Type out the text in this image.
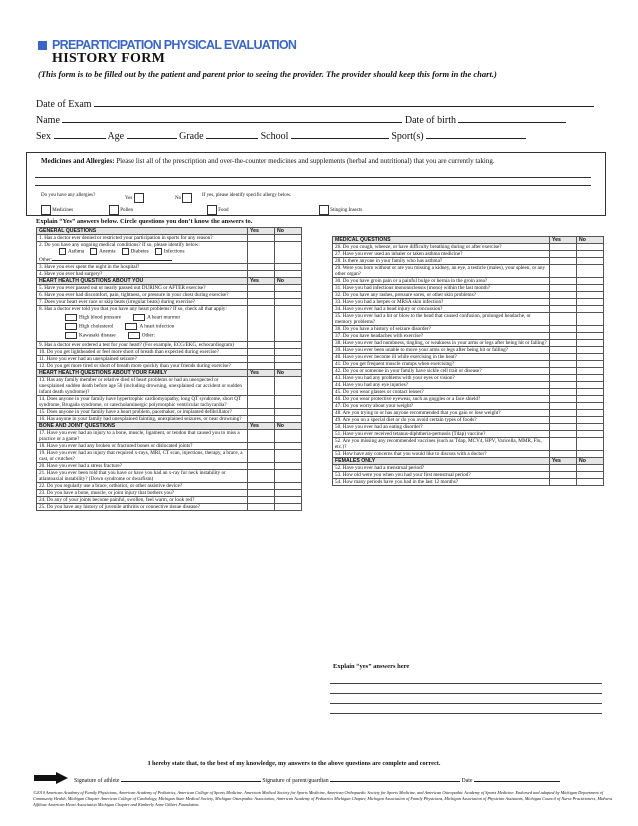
PREPARTICIPATION PHYSICAL EVALUATION
HISTORY FORM
(This form is to be filled out by the patient and parent prior to seeing the provider. The provider should keep this form in the chart.)
Date of Exam
Name	Date of birth
Sex	Age	Grade	School	Sport(s)
Medicines and Allergies: Please list all of the prescription and over-the-counter medicines and supplements (herbal and nutritional) that you are currently taking.
Do you have any allergies?
Yes	No
If yes, please identify specific allergy below.
Medicines	Pollen	Food	Stinging Insects
Explain “Yes” answers below. Circle questions you don’t know the answers to.
GENERAL QUESTIONS	Yes	No

1. Has a doctor ever denied or restricted your participation in sports for any reason?		

2. Do you have any ongoing medical conditions? If so, please identify below:
Asthma Anemia Diabetes Infections
Other:		

3. Have you ever spent the night in the hospital?		

4. Have you ever had surgery?		

HEART HEALTH QUESTIONS ABOUT YOU	Yes	No

5. Have you ever passed out or nearly passed out DURING or AFTER exercise?		

6. Have you ever had discomfort, pain, tightness, or pressure in your chest during exercise?		

7. Does your heart ever race or skip beats (irregular beats) during exercise?		

8. Has a doctor ever told you that you have any heart problems? If so, check all that apply:
High blood pressure A heart murmur
High cholesterol A heart infection
Kawasaki disease Other:		

9. Has a doctor ever ordered a test for your heart? (For example, ECG/EKG, echocardiogram)		

10. Do you get lightheaded or feel more short of breath than expected during exercise?		

11. Have you ever had an unexplained seizure?		

12. Do you get more tired or short of breath more quickly than your friends during exercise?		

HEART HEALTH QUESTIONS ABOUT YOUR FAMILY	Yes	No

13. Has any family member or relative died of heart problems or had an unexpected or unexplained sudden death before age 50 (including drowning, unexplained car accident or sudden infant death syndrome)?		

14. Does anyone in your family have hypertrophic cardiomyopathy, long QT syndrome, short QT syndrome, Brugada syndrome, or catecholaminergic polymorphic ventricular tachycardia?		

15. Does anyone in your family have a heart problem, pacemaker, or implanted defibrillator?		

16. Has anyone in your family had unexplained fainting, unexplained seizures, or near drowning?		

BONE AND JOINT QUESTIONS	Yes	No

17. Have you ever had an injury to a bone, muscle, ligament, or tendon that caused you to miss a practice or a game?		

18. Have you ever had any broken or fractured bones or dislocated joints?		

19. Have you ever had an injury that required x-rays, MRI, CT scan, injections, therapy, a brace, a cast, or crutches?		

20. Have you ever had a stress fracture?		

21. Have you ever been told that you have or have you had an x-ray for neck instability or atlantoaxial instability? (Down syndrome or dwarfism)		

22. Do you regularly use a brace, orthotics, or other assistive device?		

23. Do you have a bone, muscle, or joint injury that bothers you?		

24. Do any of your joints become painful, swollen, feel warm, or look red?		

25. Do you have any history of juvenile arthritis or connective tissue disease?		

MEDICAL QUESTIONS	Yes	No

26. Do you cough, wheeze, or have difficulty breathing during or after exercise?		

27. Have you ever used an inhaler or taken asthma medicine?		

28. Is there anyone in your family who has asthma?		

29. Were you born without or are you missing a kidney, an eye, a testicle (males), your spleen, or any other organ?		

30. Do you have groin pain or a painful bulge or hernia in the groin area?		

31. Have you had infectious mononucleosis (mono) within the last month?		

32. Do you have any rashes, pressure sores, or other skin problems?		

33. Have you had a herpes or MRSA skin infection?		

34. Have you ever had a head injury or concussion?		

35. Have you ever had a hit or blow to the head that caused confusion, prolonged headache, or memory problems?		

36. Do you have a history of seizure disorder?		

37. Do you have headaches with exercise?		

38. Have you ever had numbness, tingling, or weakness in your arms or legs after being hit or falling?		

39. Have you ever been unable to move your arms or legs after being hit or falling?		

40. Have you ever become ill while exercising in the heat?		

41. Do you get frequent muscle cramps when exercising?		

42. Do you or someone in your family have sickle cell trait or disease?		

43. Have you had any problems with your eyes or vision?		

44. Have you had any eye injuries?		

45. Do you wear glasses or contact lenses?		

46. Do you wear protective eyewear, such as goggles or a face shield?		

47. Do you worry about your weight?		

48. Are you trying to or has anyone recommended that you gain or lose weight?		

49. Are you on a special diet or do you avoid certain types of foods?		

50. Have you ever had an eating disorder?		

51. Have you ever received tetanus-diphtheria-pertussis (Tdap) vaccine?		

52. Are you missing any recommended vaccines (such as Tdap, MCV4, HPV, Varicella, MMR, Flu, etc.)?		

53. How have any concerns that you would like to discuss with a doctor?		

FEMALES ONLY	Yes	No

52. Have you ever had a menstrual period?		

53. How old were you when you had your first menstrual period?		

54. How many periods have you had in the last 12 months?		

Explain “yes” answers here
I hereby state that, to the best of my knowledge, my answers to the above questions are complete and correct.
Signature of athlete	Signature of parent/guardian	Date
©2010 American Academy of Family Physicians, American Academy of Pediatrics, American College of Sports Medicine, American Medical Society for Sports Medicine, American Orthopaedic Society for Sports Medicine, and American Osteopathic Academy of Sports Medicine. Endorsed and adapted by Michigan Department of Community Health, Michigan Chapter American College of Cardiology, Michigan State Medical Society, Michigan Osteopathic Association, American Academy of Pediatrics Michigan Chapter, Michigan Association of Family Physicians, Michigan Association of Physician Assistants, Michigan Council of Nurse Practitioners, Midwest Affiliate American Heart Association Michigan Chapter and Kimberly Anne Gilbert Foundation.
